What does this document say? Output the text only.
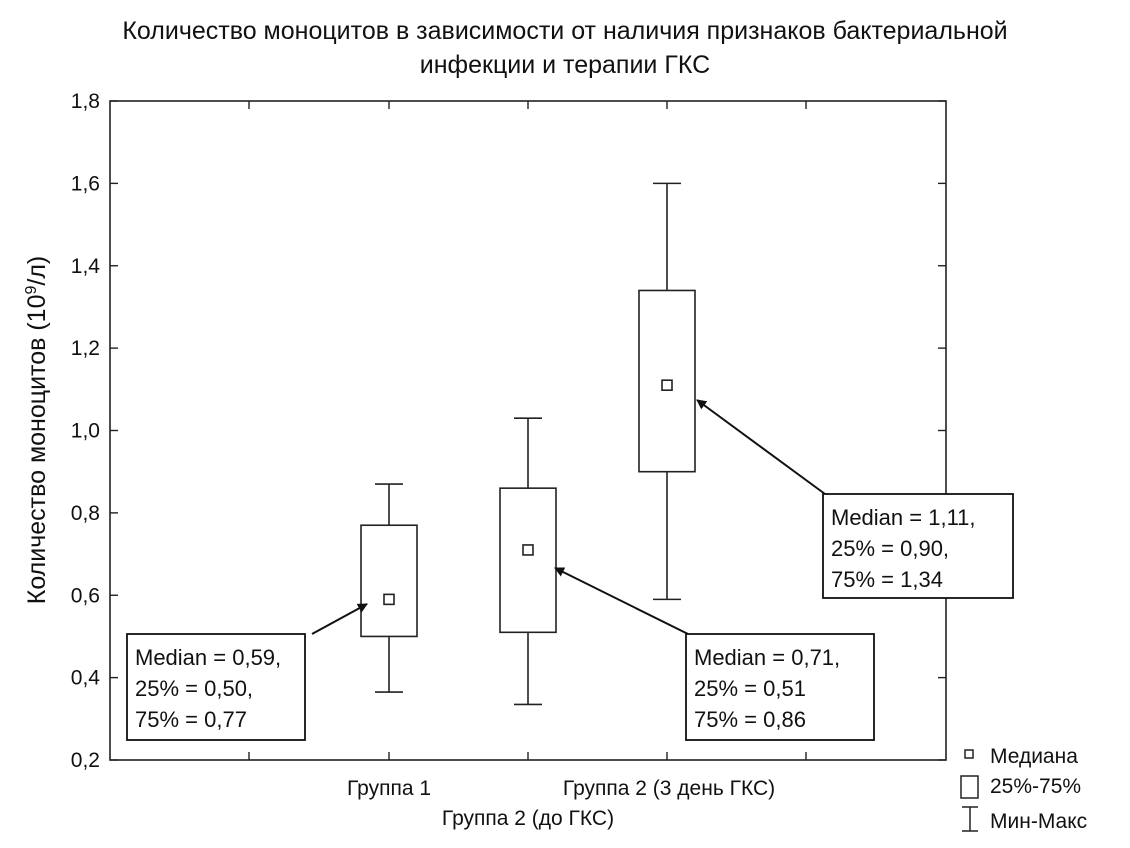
Количество моноцитов в зависимости от наличия признаков бактериальной
инфекции и терапии ГКС
0,2
0,4
0,6
0,8
1,0
1,2
1,4
1,6
1,8
Группа 1
Группа 2 (до ГКС)
Группа 2 (3 день ГКС)
Median = 0,59,
25% = 0,50,
75% = 0,77
Median = 0,71,
25% = 0,51
75% = 0,86
Median = 1,11,
25% = 0,90,
75% = 1,34
Количество моноцитов $(10^9/л)$
Медиана
25%-75%
Мин-Макс
